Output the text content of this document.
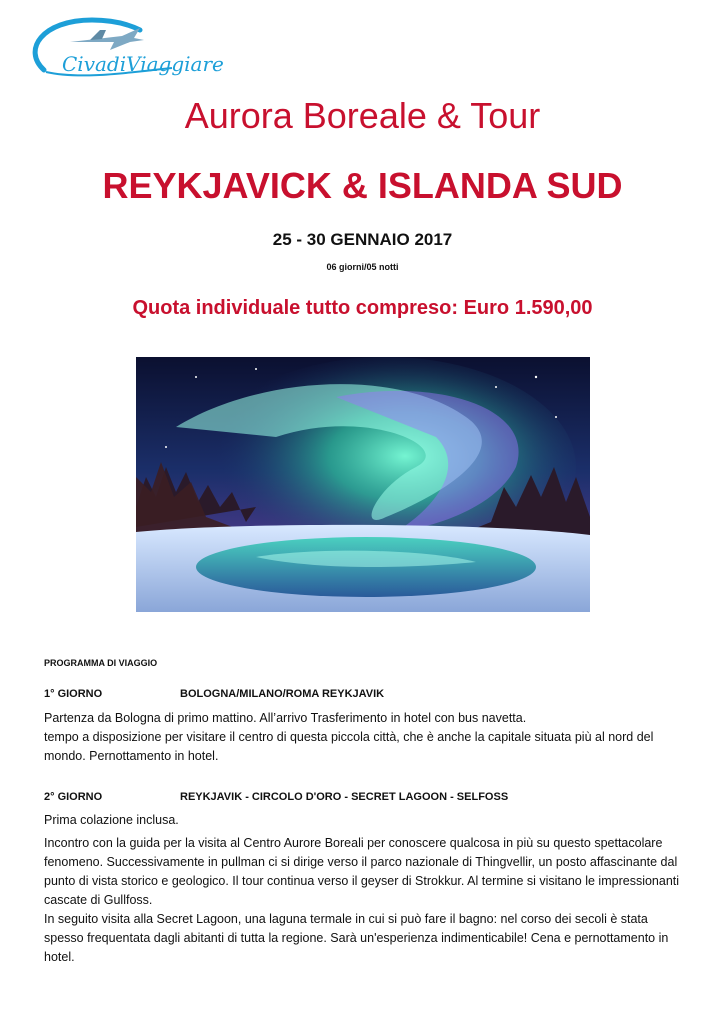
CivadiViaggiare
Aurora Boreale & Tour
REYKJAVICK & ISLANDA SUD
25 - 30 GENNAIO 2017
06 giorni/05 notti
Quota individuale tutto compreso: Euro 1.590,00
PROGRAMMA DI VIAGGIO
1° GIORNO	BOLOGNA/MILANO/ROMA REYKJAVIK

Partenza da Bologna di primo mattino. All’arrivo Trasferimento in hotel con bus navetta.

tempo a disposizione per visitare il centro di questa piccola città, che è anche la capitale situata più al nord del mondo. Pernottamento in hotel.

2° GIORNO	REYKJAVIK - CIRCOLO D'ORO - SECRET LAGOON - SELFOSS

Prima colazione inclusa.

Incontro con la guida per la visita al Centro Aurore Boreali per conoscere qualcosa in più su questo spettacolare fenomeno. Successivamente in pullman ci si dirige verso il parco nazionale di Thingvellir, un posto affascinante dal punto di vista storico e geologico. Il tour continua verso il geyser di Strokkur. Al termine si visitano le impressionanti cascate di Gullfoss.

In seguito visita alla Secret Lagoon, una laguna termale in cui si può fare il bagno: nel corso dei secoli è stata spesso frequentata dagli abitanti di tutta la regione. Sarà un'esperienza indimenticabile! Cena e pernottamento in hotel.
